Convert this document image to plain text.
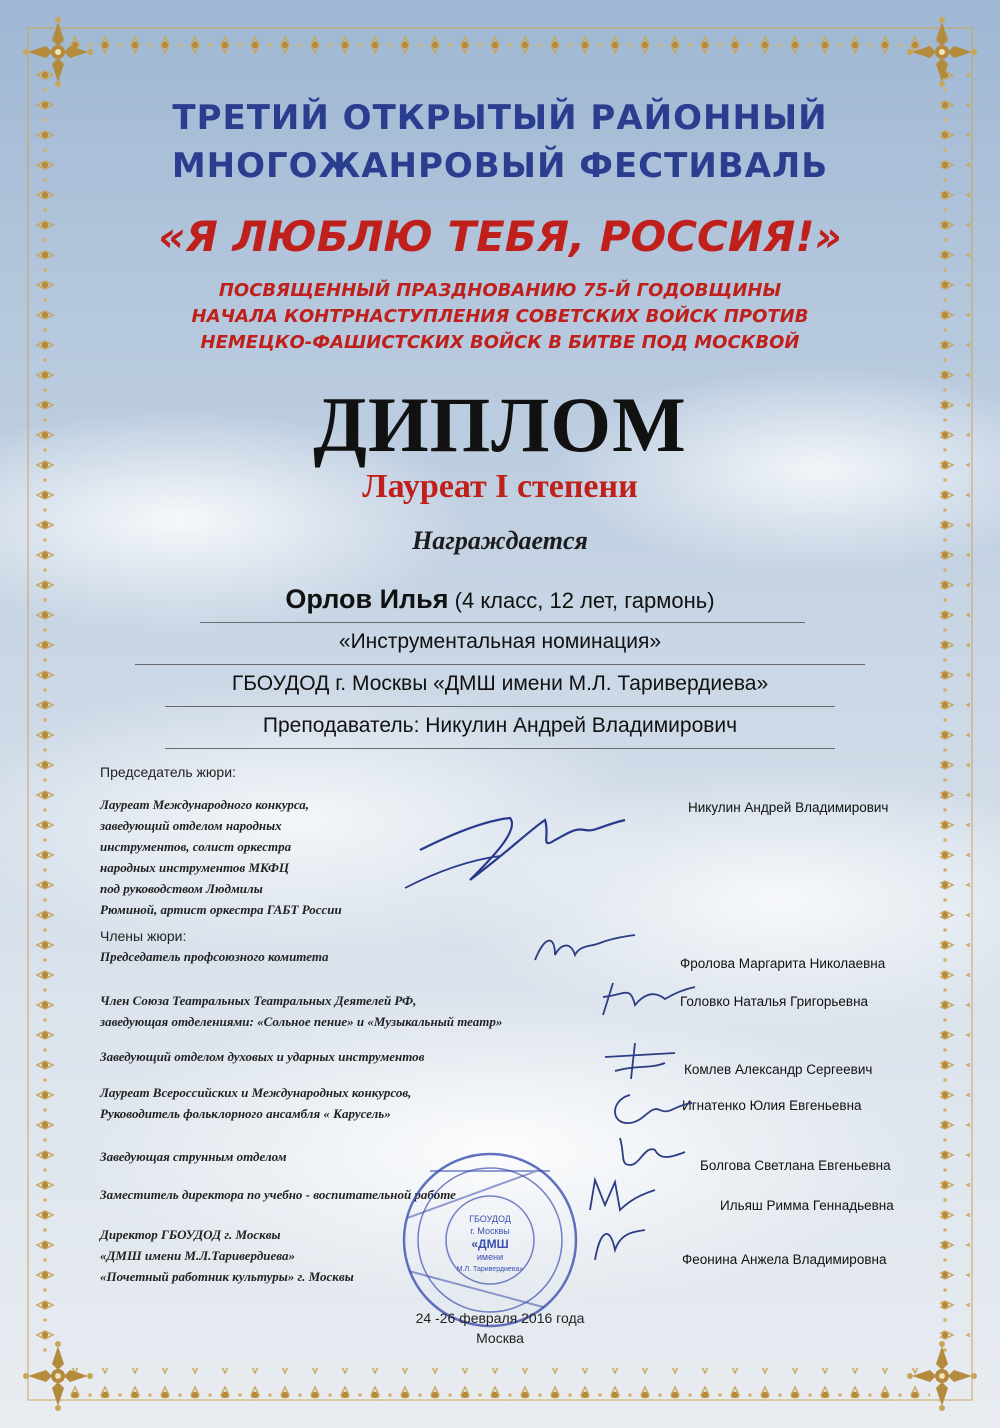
ТРЕТИЙ ОТКРЫТЫЙ РАЙОННЫЙ
МНОГОЖАНРОВЫЙ ФЕСТИВАЛЬ
«Я ЛЮБЛЮ ТЕБЯ, РОССИЯ!»
ПОСВЯЩЕННЫЙ ПРАЗДНОВАНИЮ 75-Й ГОДОВЩИНЫ
НАЧАЛА КОНТРНАСТУПЛЕНИЯ СОВЕТСКИХ ВОЙСК ПРОТИВ
НЕМЕЦКО-ФАШИСТСКИХ ВОЙСК В БИТВЕ ПОД МОСКВОЙ
ДИПЛОМ
Лауреат I степени
Награждается
Орлов Илья (4 класс, 12 лет, гармонь)
«Инструментальная номинация»
ГБОУДОД г. Москвы «ДМШ имени М.Л. Таривердиева»
Преподаватель: Никулин Андрей Владимирович
Председатель жюри:
Лауреат Международного конкурса,
заведующий отделом народных
инструментов, солист оркестра
народных инструментов МКФЦ
под руководством Людмилы
Рюминой, артист оркестра ГАБТ России
Никулин Андрей Владимирович
Члены жюри:
Председатель профсоюзного комитета	Фролова Маргарита Николаевна
Член Союза Театральных Театральных Деятелей РФ,
заведующая отделениями: «Сольное пение» и «Музыкальный театр»
Головко Наталья Григорьевна
Заведующий отделом духовых и ударных инструментов
Комлев Александр Сергеевич
Лауреат Всероссийских и Международных конкурсов,
Руководитель фольклорного ансамбля « Карусель»
Игнатенко Юлия Евгеньевна
Заведующая струнным отделом
Болгова Светлана Евгеньевна
Заместитель директора по учебно - воспитательной работе
Ильяш Римма Геннадьевна
Директор ГБОУДОД г. Москвы
«ДМШ имени М.Л.Таривердиева»
«Почетный работник культуры» г. Москвы
Феонина Анжела Владимировна
ГБОУДОД
г. Москвы
«ДМШ
имени
М.Л. Таривердиева»
24 -26 февраля 2016 года
Москва
